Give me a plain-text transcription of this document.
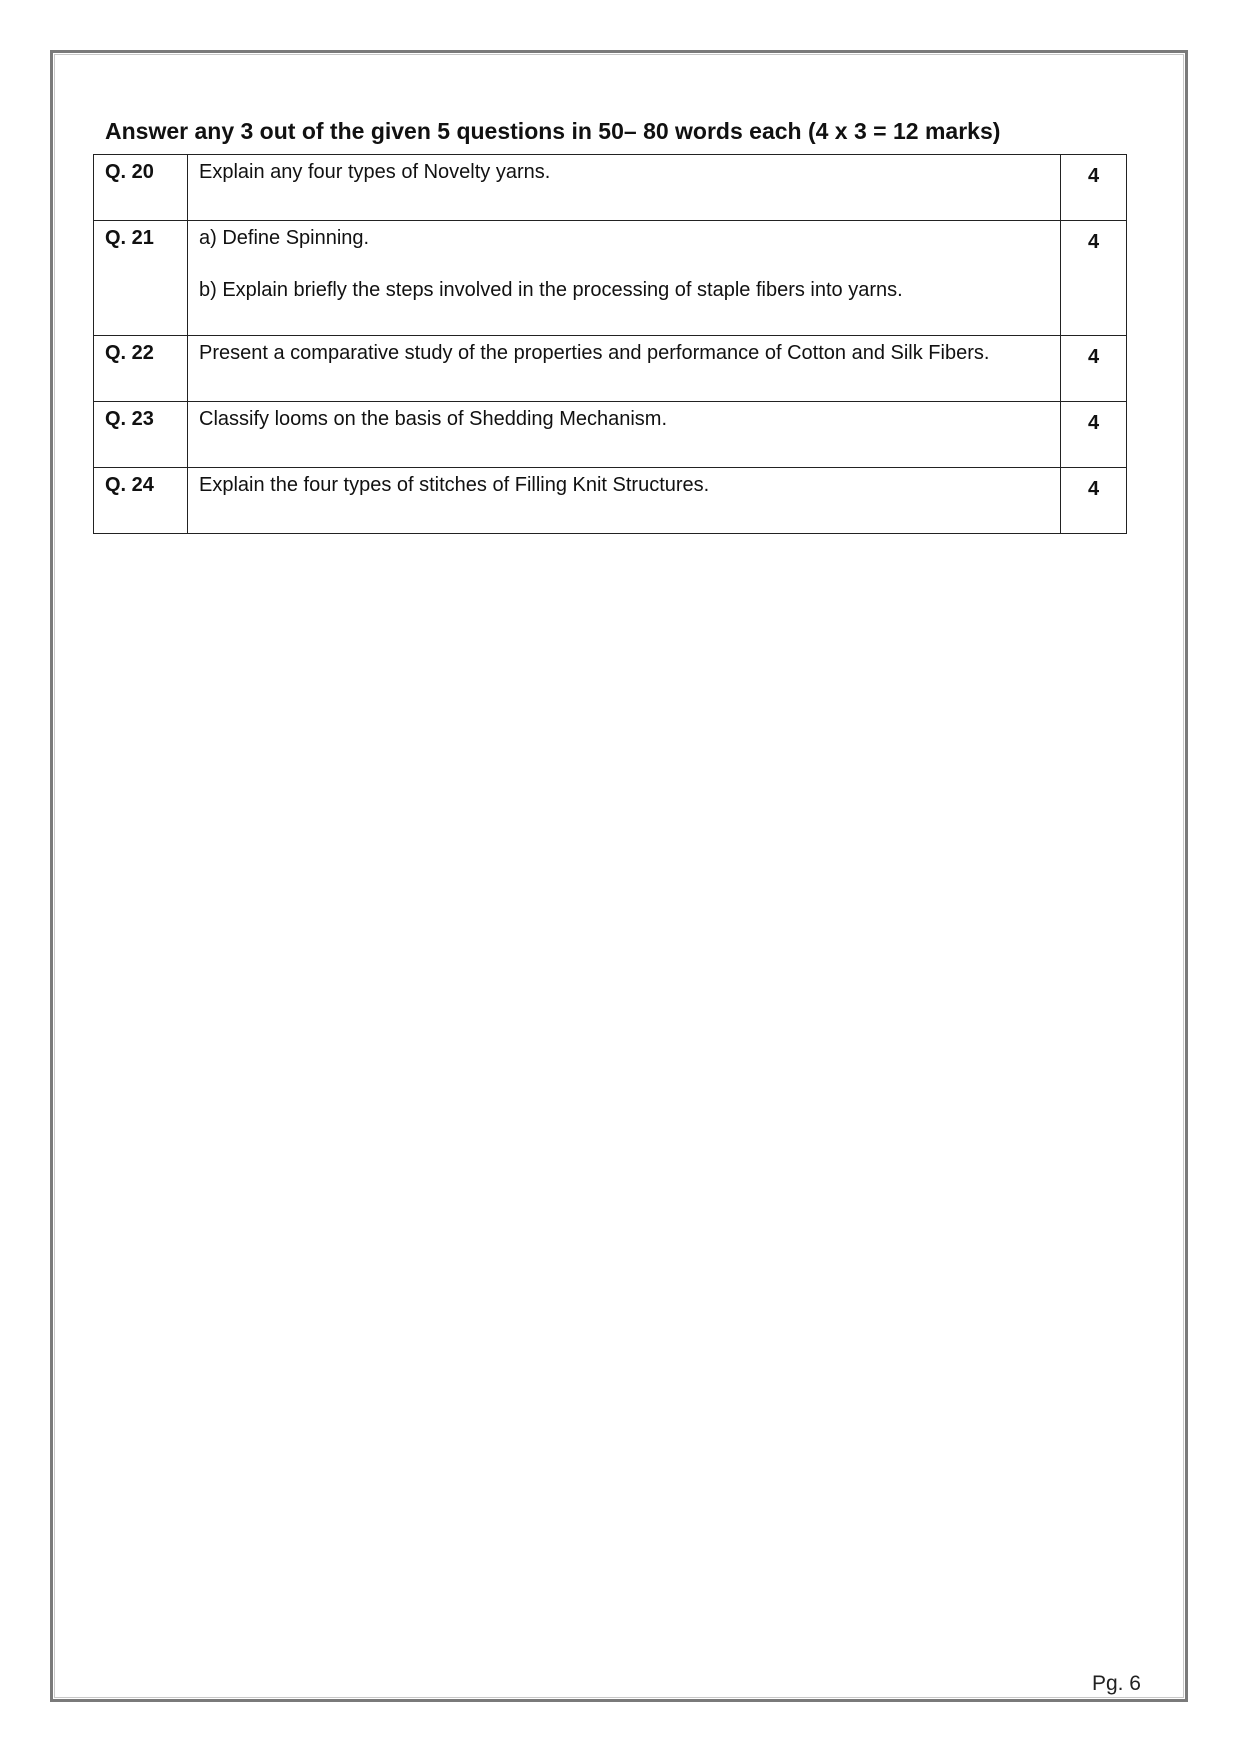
Answer any 3 out of the given 5 questions in 50– 80 words each (4 x 3 = 12 marks)
Q. 20	Explain any four types of Novelty yarns.	4
Q. 21	a) Define Spinning.
b) Explain briefly the steps involved in the processing of staple fibers into yarns.	4
Q. 22	Present a comparative study of the properties and performance of Cotton and Silk Fibers.	4
Q. 23	Classify looms on the basis of Shedding Mechanism.	4
Q. 24	Explain the four types of stitches of Filling Knit Structures.	4
Pg. 6
